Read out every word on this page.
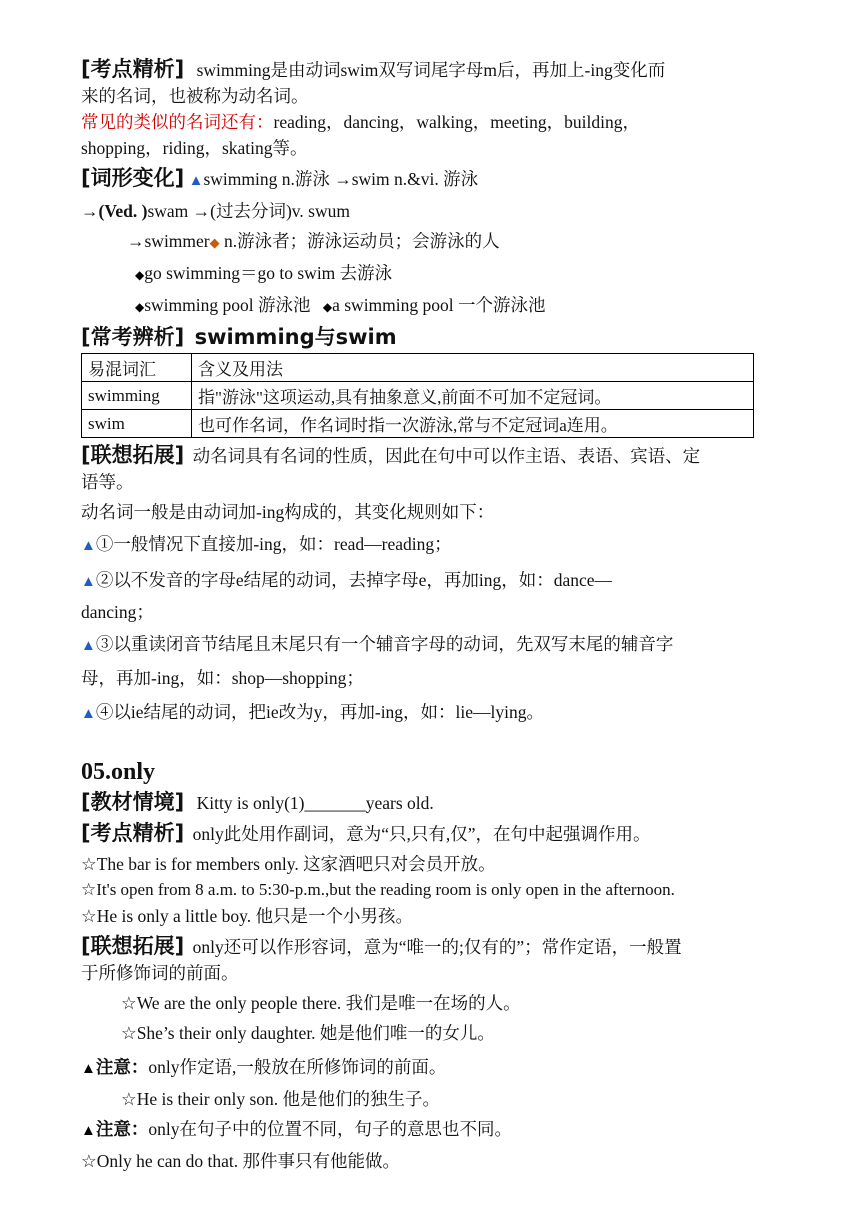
[考点精析] swimming是由动词swim双写词尾字母m后，再加上-ing变化而
来的名词，也被称为动名词。
常见的类似的名词还有：reading，dancing，walking，meeting，building，
shopping，riding，skating等。
[词形变化] ▲swimming n.游泳 →swim n.&vi. 游泳
→(Ved. )swam →(过去分词)v. swum
→swimmer◆ n.游泳者；游泳运动员；会游泳的人
◆go swimming＝go to swim 去游泳
◆swimming pool 游泳池 ◆a swimming pool 一个游泳池
[常考辨析] swimming与swim
易混词汇	含义及用法
swimming	指"游泳"这项运动,具有抽象意义,前面不可加不定冠词。
swim	也可作名词，作名词时指一次游泳,常与不定冠词a连用。
[联想拓展] 动名词具有名词的性质，因此在句中可以作主语、表语、宾语、定
语等。
动名词一般是由动词加-ing构成的，其变化规则如下：
▲①一般情况下直接加-ing，如：read—reading；
▲②以不发音的字母e结尾的动词，去掉字母e，再加ing，如：dance—
dancing；
▲③以重读闭音节结尾且末尾只有一个辅音字母的动词，先双写末尾的辅音字
母，再加-ing，如：shop—shopping；
▲④以ie结尾的动词，把ie改为y，再加-ing，如：lie—lying。
05.only
[教材情境] Kitty is only(1)_______years old.
[考点精析] only此处用作副词，意为“只,只有,仅”，在句中起强调作用。
☆The bar is for members only. 这家酒吧只对会员开放。
☆It's open from 8 a.m. to 5:30-p.m.,but the reading room is only open in the afternoon.
☆He is only a little boy. 他只是一个小男孩。
[联想拓展] only还可以作形容词，意为“唯一的;仅有的”；常作定语，一般置
于所修饰词的前面。
☆We are the only people there. 我们是唯一在场的人。
☆She’s their only daughter. 她是他们唯一的女儿。
▲注意：only作定语,一般放在所修饰词的前面。
☆He is their only son. 他是他们的独生子。
▲注意：only在句子中的位置不同，句子的意思也不同。
☆Only he can do that. 那件事只有他能做。
